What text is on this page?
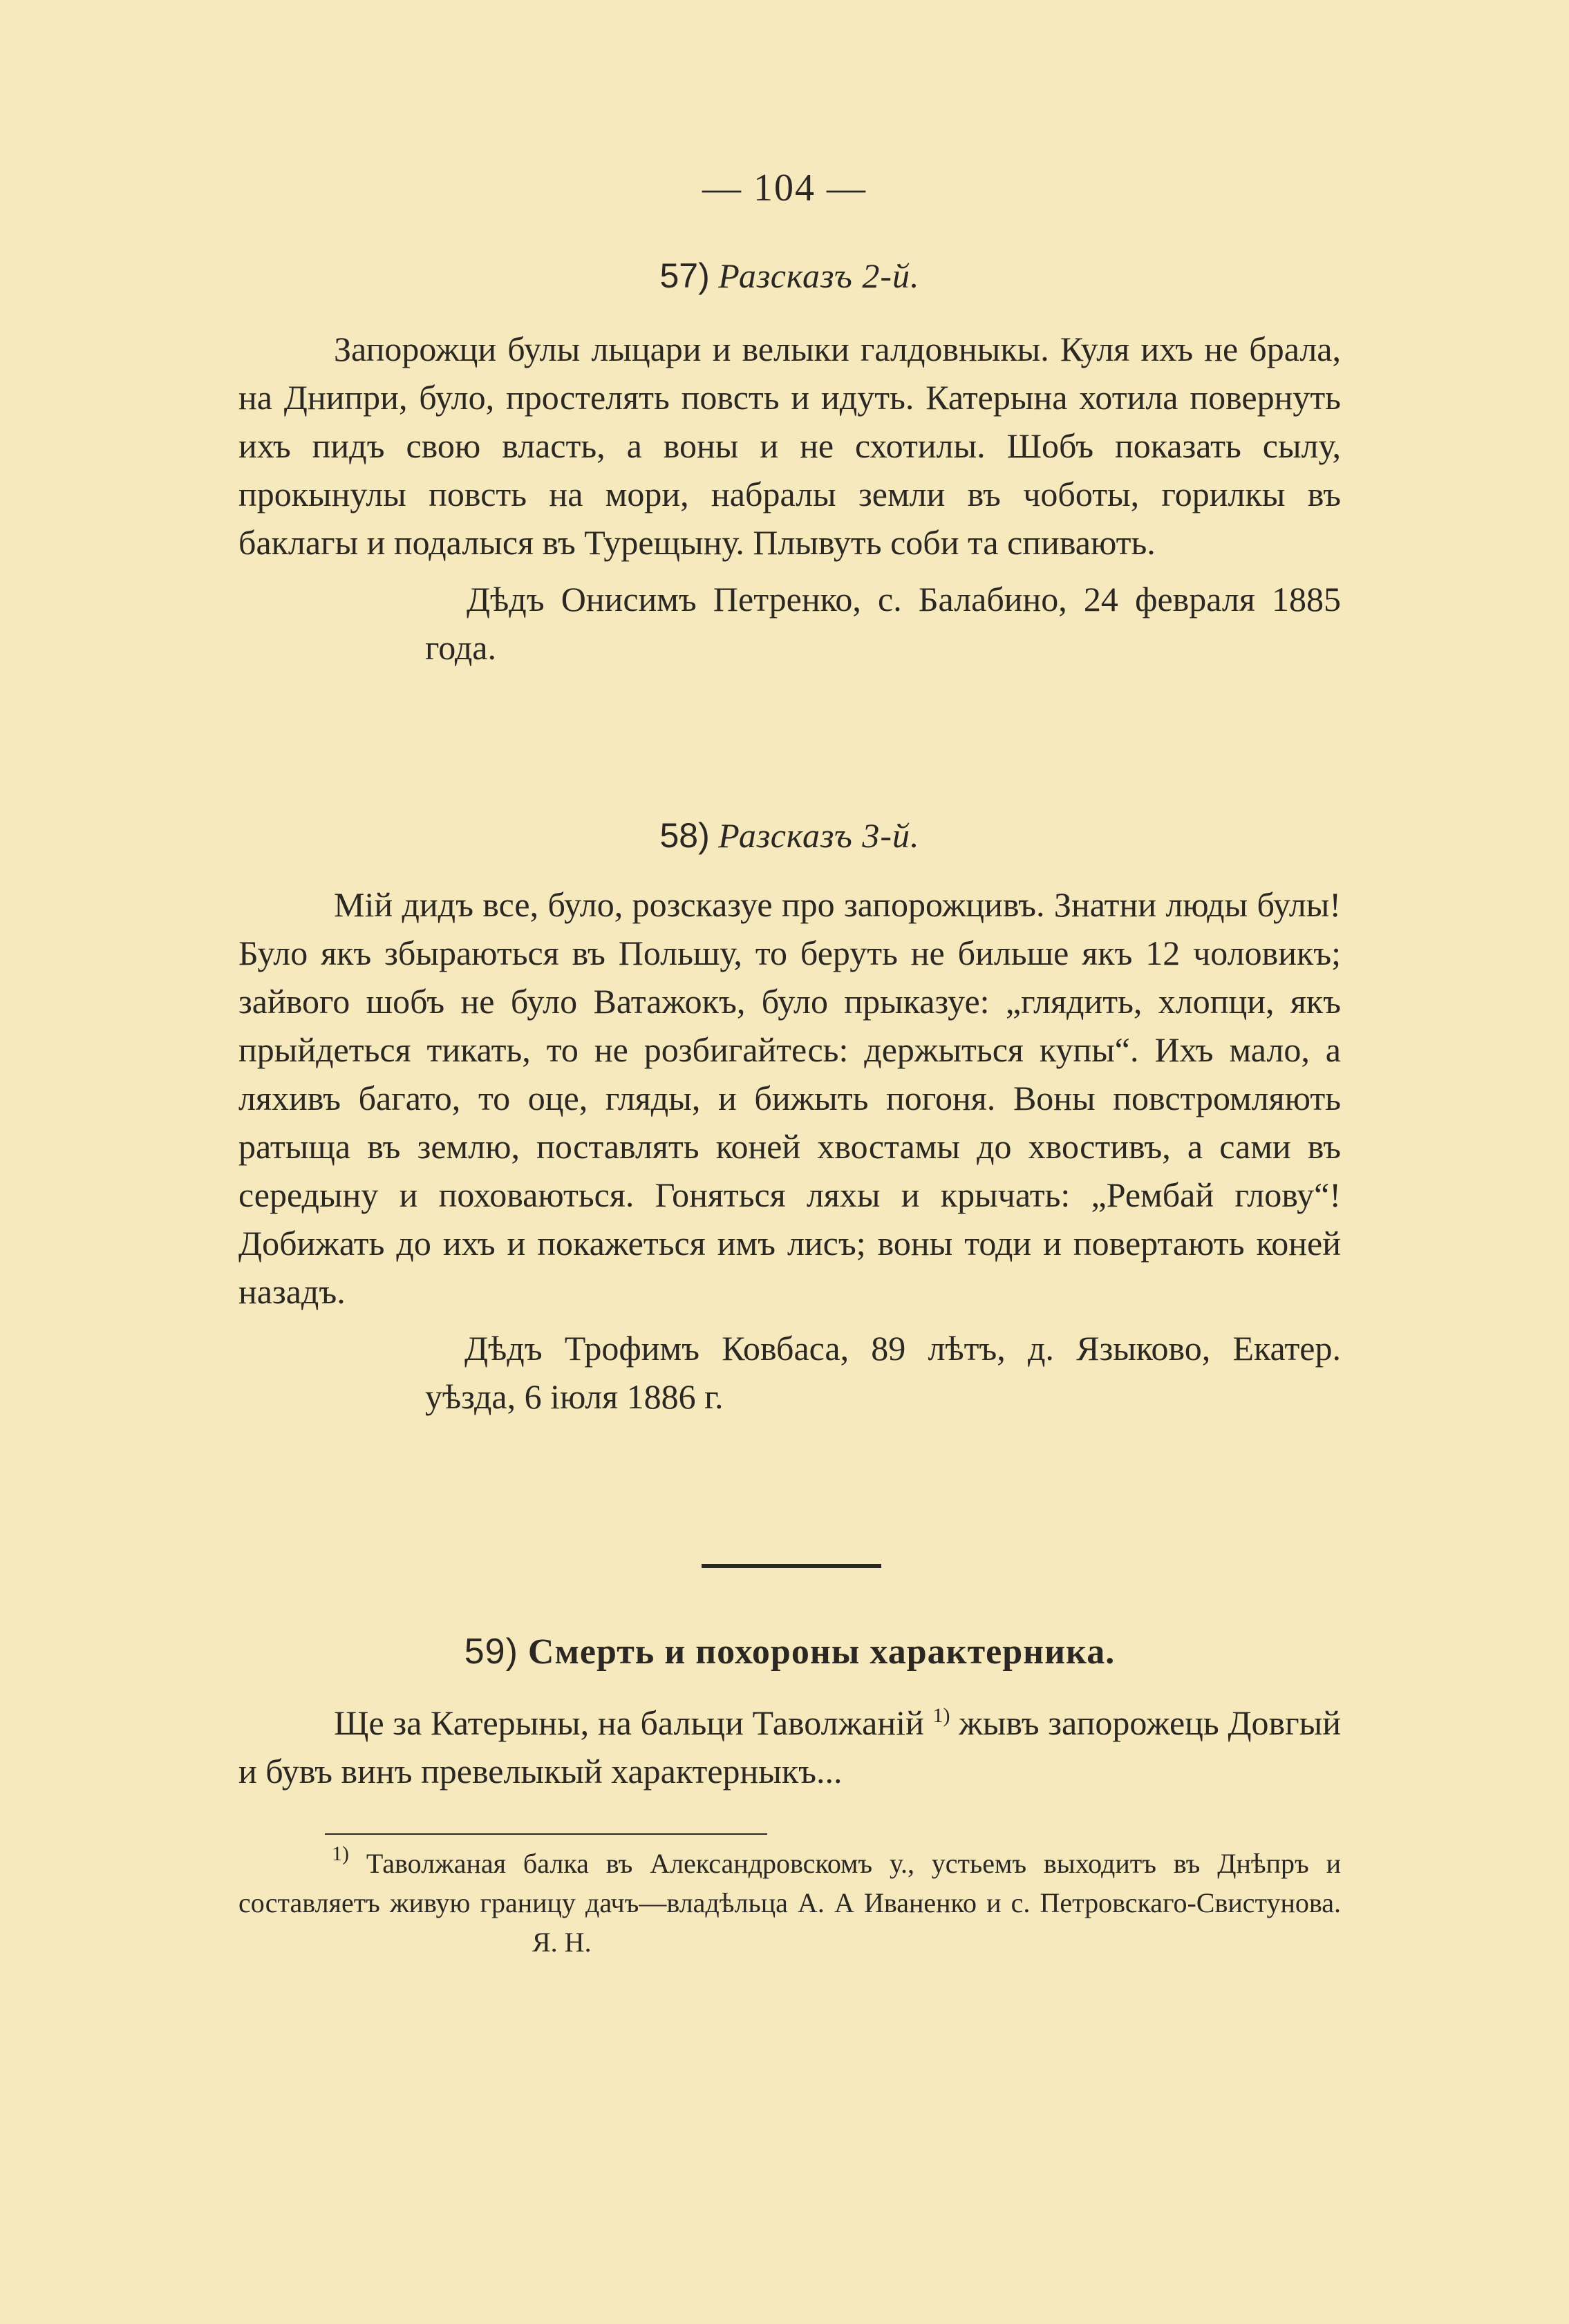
— 104 —
57) Разсказъ 2-й.

Запорожци булы лыцари и велыки галдовныкы. Куля ихъ не брала, на Днипри, було, простелять повсть и идуть. Катерына хотила повернуть ихъ пидъ свою власть, а воны и не схотилы. Шобъ показать сылу, прокынулы повсть на мори, набралы земли въ чоботы, горилкы въ баклагы и подалыся въ Турещыну. Плывуть соби та спивають.

Дѣдъ Онисимъ Петренко, с. Балабино, 24 февраля 1885 года.

58) Разсказъ 3-й.

Мій дидъ все, було, розсказуе про запорожцивъ. Знатни люды булы! Було якъ збыраються въ Польшу, то беруть не бильше якъ 12 чоловикъ; зайвого шобъ не було Ватажокъ, було прыказуе: „глядить, хлопци, якъ прыйдеться тикать, то не розбигайтесь: держыться купы“. Ихъ мало, а ляхивъ багато, то оце, гляды, и бижыть погоня. Воны повстромляють ратыща въ землю, поставлять коней хвостамы до хвостивъ, а сами въ середыну и поховаються. Гоняться ляхы и крычать: „Рембай глову“! Добижать до ихъ и покажеться имъ лисъ; воны тоди и повертають коней назадъ.

Дѣдъ Трофимъ Ковбаса, 89 лѣтъ, д. Языково, Екатер. уѣзда, 6 іюля 1886 г.

59) Смерть и похороны характерника.

Ще за Катерыны, на бальци Таволжаній $^{1)}$ жывъ запорожець Довгый и бувъ винъ превелыкый характерныкъ...

$^{1)}$ Таволжаная балка въ Александровскомъ у., устьемъ выходитъ въ Днѣпръ и составляетъ живую границу дачъ—владѣльца А. А Иваненко и с. Петровскаго-Свистунова.Я. Н.
